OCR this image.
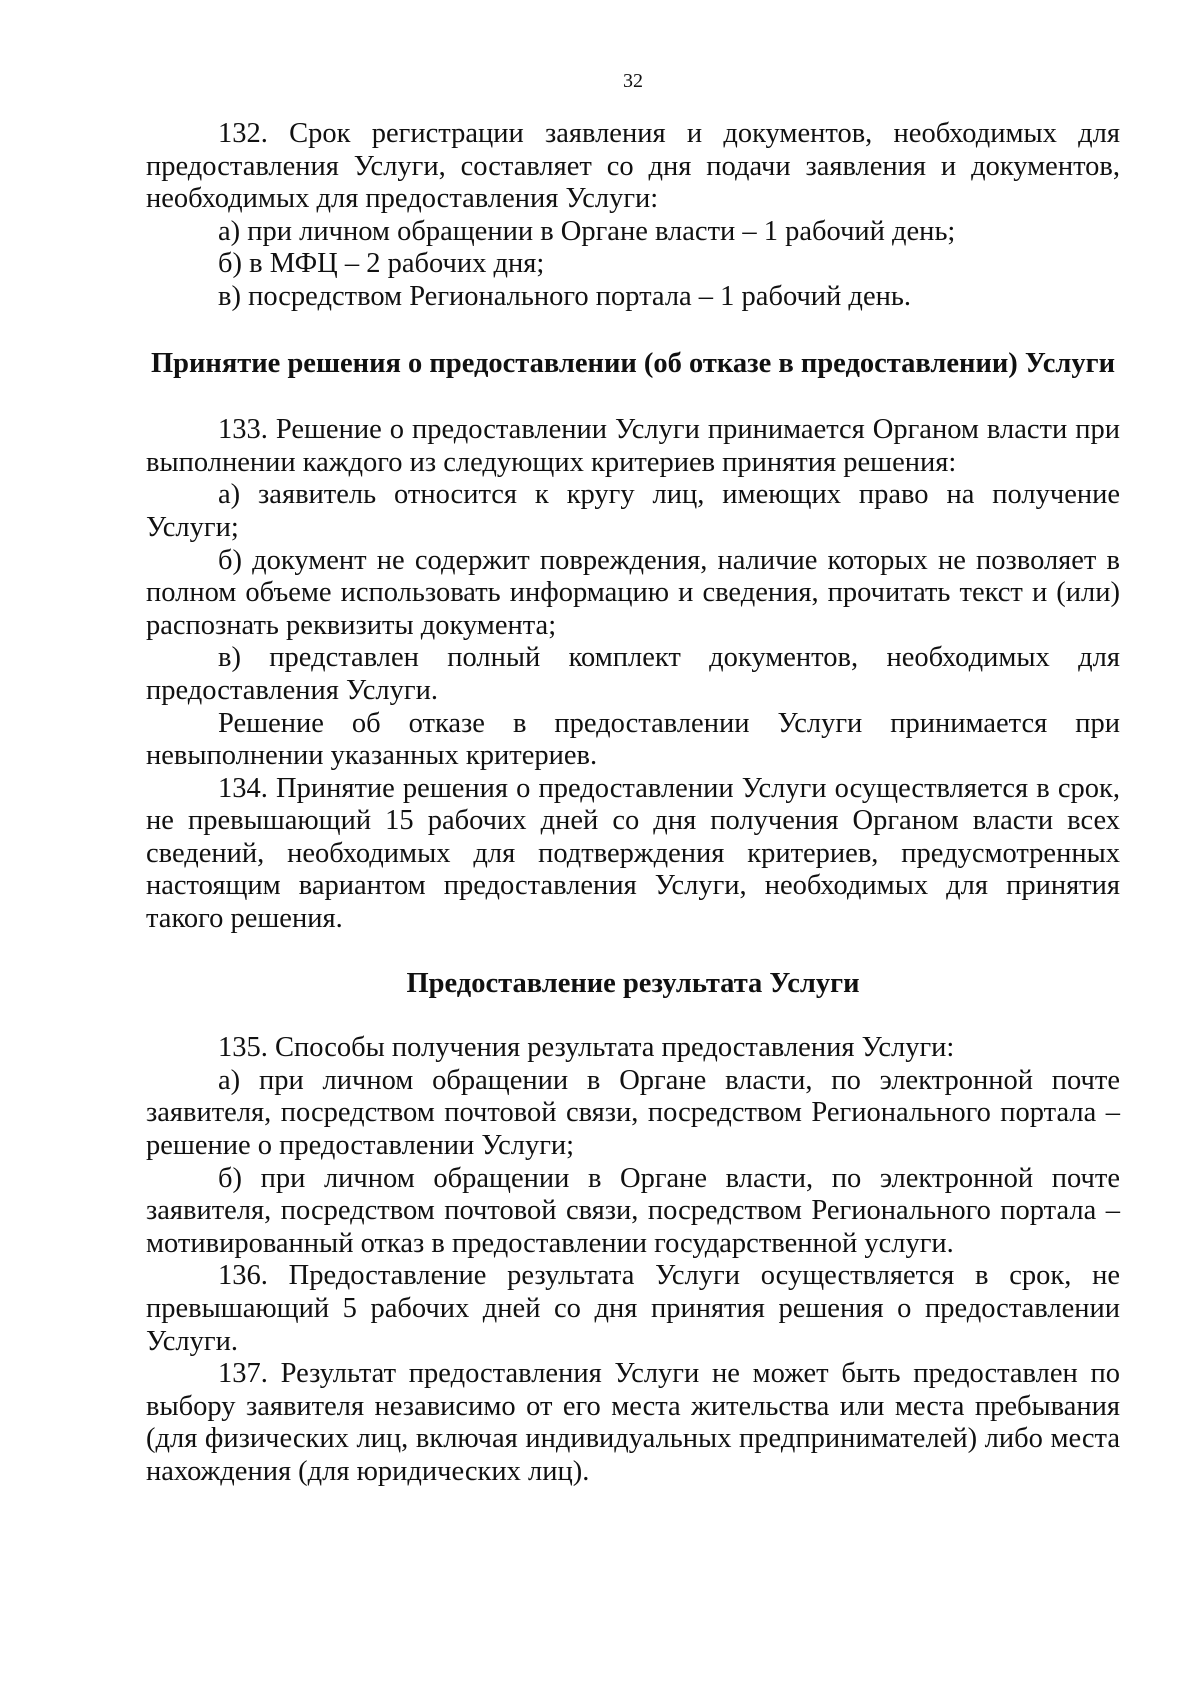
32

132. Срок регистрации заявления и документов, необходимых для предоставления Услуги, составляет со дня подачи заявления и документов, необходимых для предоставления Услуги:

а) при личном обращении в Органе власти – 1 рабочий день;

б) в МФЦ – 2 рабочих дня;

в) посредством Регионального портала – 1 рабочий день.

Принятие решения о предоставлении (об отказе в предоставлении) Услуги

133. Решение о предоставлении Услуги принимается Органом власти при выполнении каждого из следующих критериев принятия решения:

а) заявитель относится к кругу лиц, имеющих право на получение Услуги;

б) документ не содержит повреждения, наличие которых не позволяет в полном объеме использовать информацию и сведения, прочитать текст и (или) распознать реквизиты документа;

в) представлен полный комплект документов, необходимых для предоставления Услуги.

Решение об отказе в предоставлении Услуги принимается при невыполнении указанных критериев.

134. Принятие решения о предоставлении Услуги осуществляется в срок, не превышающий 15 рабочих дней со дня получения Органом власти всех сведений, необходимых для подтверждения критериев, предусмотренных настоящим вариантом предоставления Услуги, необходимых для принятия такого решения.

Предоставление результата Услуги

135. Способы получения результата предоставления Услуги:

а) при личном обращении в Органе власти, по электронной почте заявителя, посредством почтовой связи, посредством Регионального портала – решение о предоставлении Услуги;

б) при личном обращении в Органе власти, по электронной почте заявителя, посредством почтовой связи, посредством Регионального портала – мотивированный отказ в предоставлении государственной услуги.

136. Предоставление результата Услуги осуществляется в срок, не превышающий 5 рабочих дней со дня принятия решения о предоставлении Услуги.

137. Результат предоставления Услуги не может быть предоставлен по выбору заявителя независимо от его места жительства или места пребывания (для физических лиц, включая индивидуальных предпринимателей) либо места нахождения (для юридических лиц).
